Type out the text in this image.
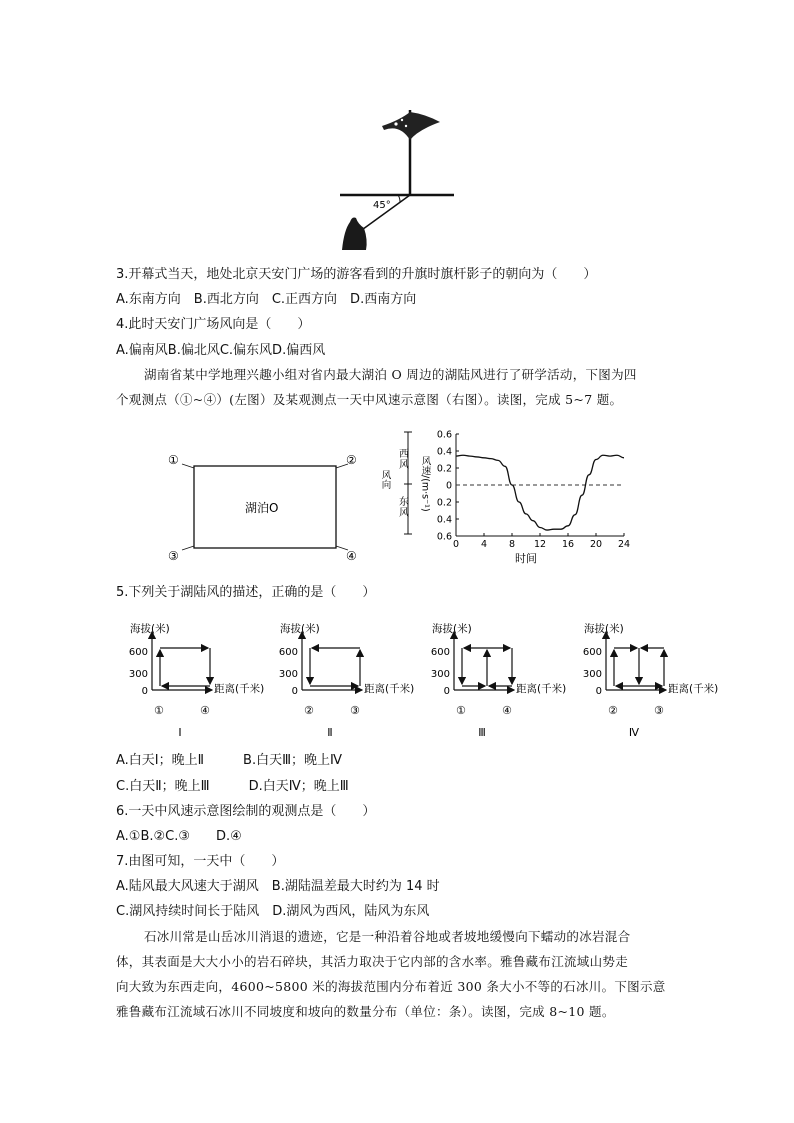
45°
3.开幕式当天，地处北京天安门广场的游客看到的升旗时旗杆影子的朝向为（　　）
A.东南方向　B.西北方向　C.正西方向　D.西南方向
4.此时天安门广场风向是（　　）
A.偏南风B.偏北风C.偏东风D.偏西风
湖南省某中学地理兴趣小组对省内最大湖泊 O 周边的湖陆风进行了研学活动，下图为四
个观测点（①~④）(左图）及某观测点一天中风速示意图（右图）。读图，完成 5~7 题。
湖泊O
①	②
③	④
西风
东风
风向	风速/(m·s⁻¹)
0.6
0.4
0.2
0
0.2
0.4
0.6
0 4 8 12 16 20 24
时间
5.下列关于湖陆风的描述，正确的是（　　）
海拔(米)
600
300
0	距离(千米)
①	④
Ⅰ
海拔(米)
600
300
0	距离(千米)
②	③
Ⅱ
海拔(米)
600
300
0	距离(千米)
①	④
Ⅲ
海拔(米)
600
300
0	距离(千米)
②	③
Ⅳ
A.白天Ⅰ；晚上Ⅱ　　　B.白天Ⅲ；晚上Ⅳ
C.白天Ⅱ；晚上Ⅲ　　　D.白天Ⅳ；晚上Ⅲ
6.一天中风速示意图绘制的观测点是（　　）
A.①B.②C.③　　D.④
7.由图可知，一天中（　　）
A.陆风最大风速大于湖风　B.湖陆温差最大时约为 14 时
C.湖风持续时间长于陆风　D.湖风为西风，陆风为东风
石冰川常是山岳冰川消退的遗迹，它是一种沿着谷地或者坡地缓慢向下蠕动的冰岩混合
体，其表面是大大小小的岩石碎块，其活力取决于它内部的含水率。雅鲁藏布江流域山势走
向大致为东西走向，4600~5800 米的海拔范围内分布着近 300 条大小不等的石冰川。下图示意
雅鲁藏布江流域石冰川不同坡度和坡向的数量分布（单位：条）。读图，完成 8~10 题。
